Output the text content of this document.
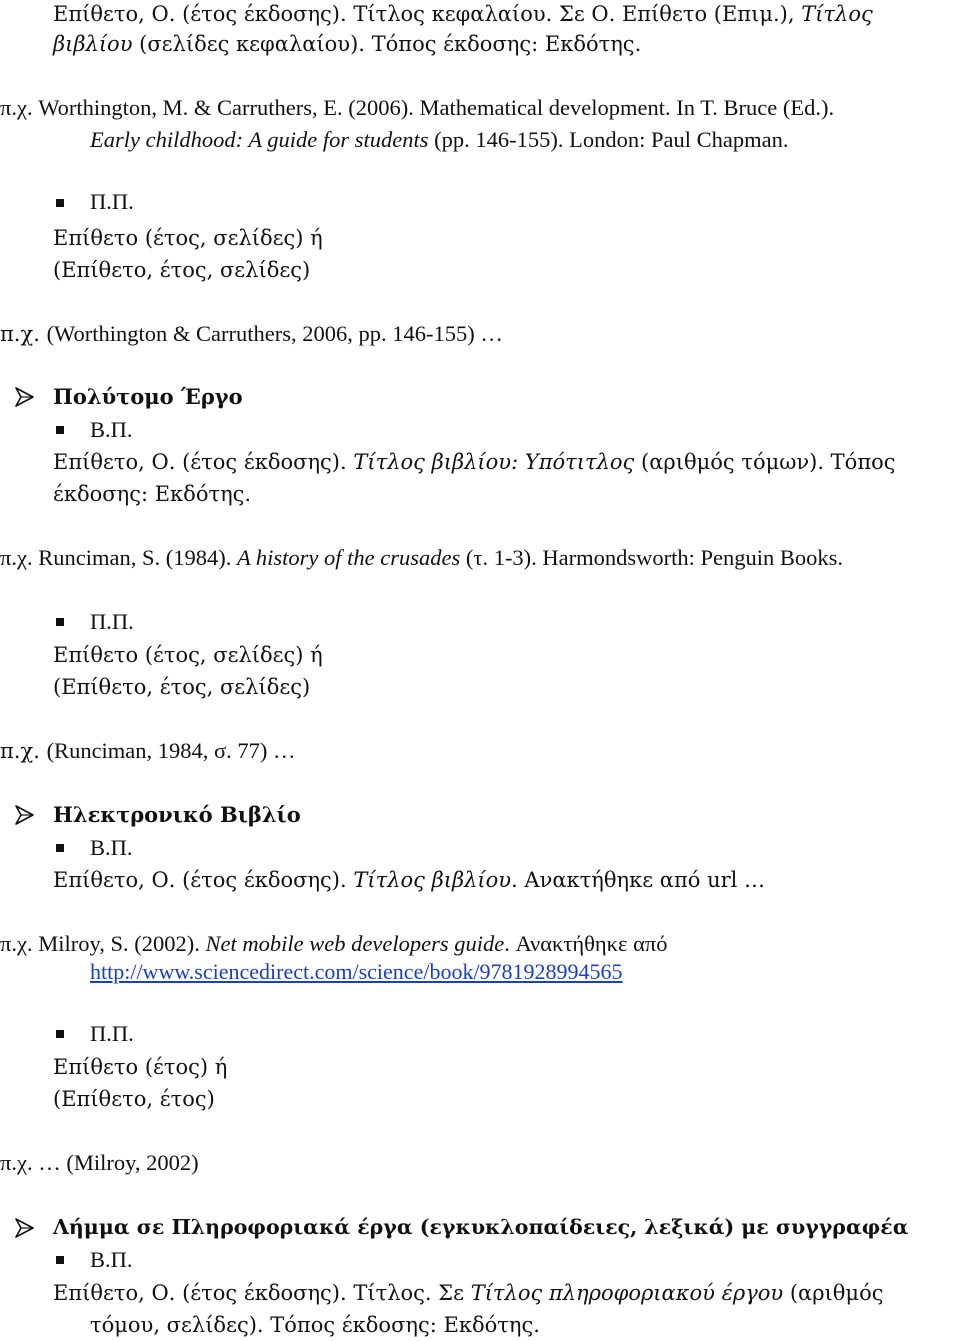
Επίθετο, Ο. (έτος έκδοσης). Τίτλος κεφαλαίου. Σε Ο. Επίθετο (Επιμ.), Τίτλος
βιβλίου (σελίδες κεφαλαίου). Τόπος έκδοσης: Εκδότης.
π.χ. Worthington, M. & Carruthers, E. (2006). Mathematical development. In T. Bruce (Ed.).
Early childhood: A guide for students (pp. 146-155). London: Paul Chapman.
Π.Π.
Επίθετο (έτος, σελίδες) ή
(Επίθετο, έτος, σελίδες)
π.χ. (Worthington & Carruthers, 2006, pp. 146-155) …
Πολύτομο Έργο
Β.Π.
Επίθετο, Ο. (έτος έκδοσης). Τίτλος βιβλίου: Υπότιτλος (αριθμός τόμων). Τόπος
έκδοσης: Εκδότης.
π.χ. Runciman, S. (1984). A history of the crusades (τ. 1-3). Harmondsworth: Penguin Books.
Π.Π.
Επίθετο (έτος, σελίδες) ή
(Επίθετο, έτος, σελίδες)
π.χ. (Runciman, 1984, σ. 77) …
Ηλεκτρονικό Βιβλίο
Β.Π.
Επίθετο, Ο. (έτος έκδοσης). Τίτλος βιβλίου. Ανακτήθηκε από url …
π.χ. Milroy, S. (2002). Net mobile web developers guide. Ανακτήθηκε από
http://www.sciencedirect.com/science/book/9781928994565
Π.Π.
Επίθετο (έτος) ή
(Επίθετο, έτος)
π.χ. … (Milroy, 2002)
Λήμμα σε Πληροφοριακά έργα (εγκυκλοπαίδειες, λεξικά) με συγγραφέα
Β.Π.
Επίθετο, Ο. (έτος έκδοσης). Τίτλος. Σε Τίτλος πληροφοριακού έργου (αριθμός
τόμου, σελίδες). Τόπος έκδοσης: Εκδότης.
